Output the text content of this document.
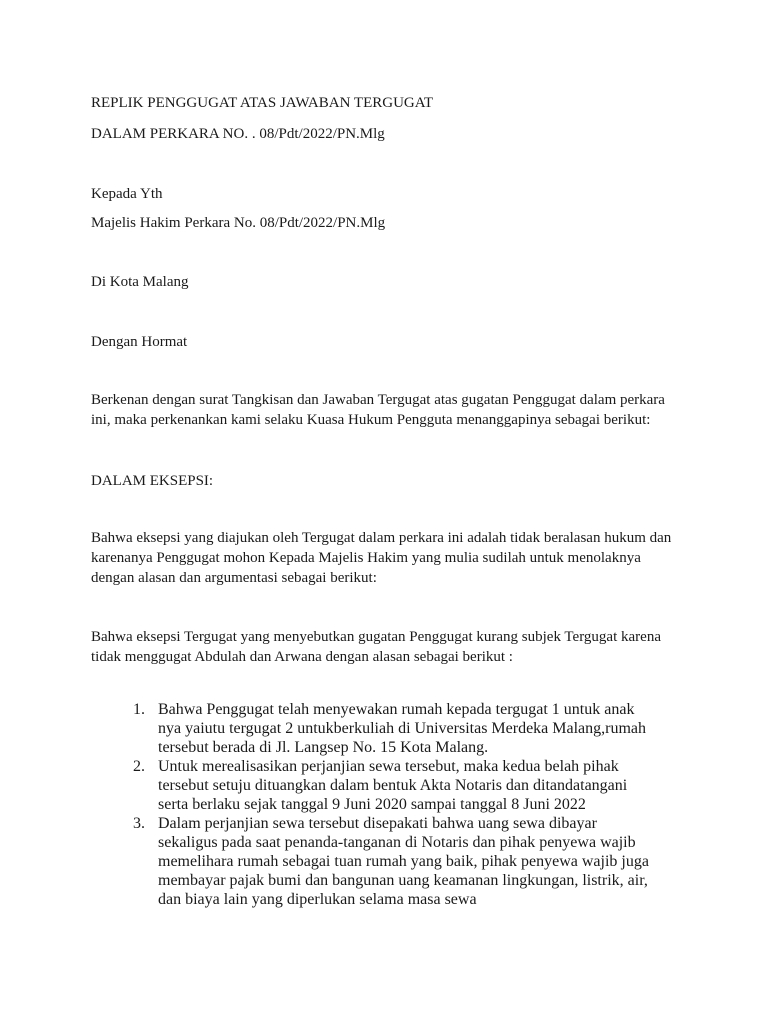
REPLIK PENGGUGAT ATAS JAWABAN TERGUGAT
DALAM PERKARA NO. . 08/Pdt/2022/PN.Mlg
Kepada Yth
Majelis Hakim Perkara No. 08/Pdt/2022/PN.Mlg
Di Kota Malang
Dengan Hormat
Berkenan dengan surat Tangkisan dan Jawaban Tergugat atas gugatan Penggugat dalam perkara
ini, maka perkenankan kami selaku Kuasa Hukum Pengguta menanggapinya sebagai berikut:
DALAM EKSEPSI:
Bahwa eksepsi yang diajukan oleh Tergugat dalam perkara ini adalah tidak beralasan hukum dan
karenanya Penggugat mohon Kepada Majelis Hakim yang mulia sudilah untuk menolaknya
dengan alasan dan argumentasi sebagai berikut:
Bahwa eksepsi Tergugat yang menyebutkan gugatan Penggugat kurang subjek Tergugat karena
tidak menggugat Abdulah dan Arwana dengan alasan sebagai berikut :
1. Bahwa Penggugat telah menyewakan rumah kepada tergugat 1 untuk anak
nya yaiutu tergugat 2 untukberkuliah di Universitas Merdeka Malang,rumah
tersebut berada di Jl. Langsep No. 15 Kota Malang.
2. Untuk merealisasikan perjanjian sewa tersebut, maka kedua belah pihak
tersebut setuju dituangkan dalam bentuk Akta Notaris dan ditandatangani
serta berlaku sejak tanggal 9 Juni 2020 sampai tanggal 8 Juni 2022
3. Dalam perjanjian sewa tersebut disepakati bahwa uang sewa dibayar
sekaligus pada saat penanda-tanganan di Notaris dan pihak penyewa wajib
memelihara rumah sebagai tuan rumah yang baik, pihak penyewa wajib juga
membayar pajak bumi dan bangunan uang keamanan lingkungan, listrik, air,
dan biaya lain yang diperlukan selama masa sewa
